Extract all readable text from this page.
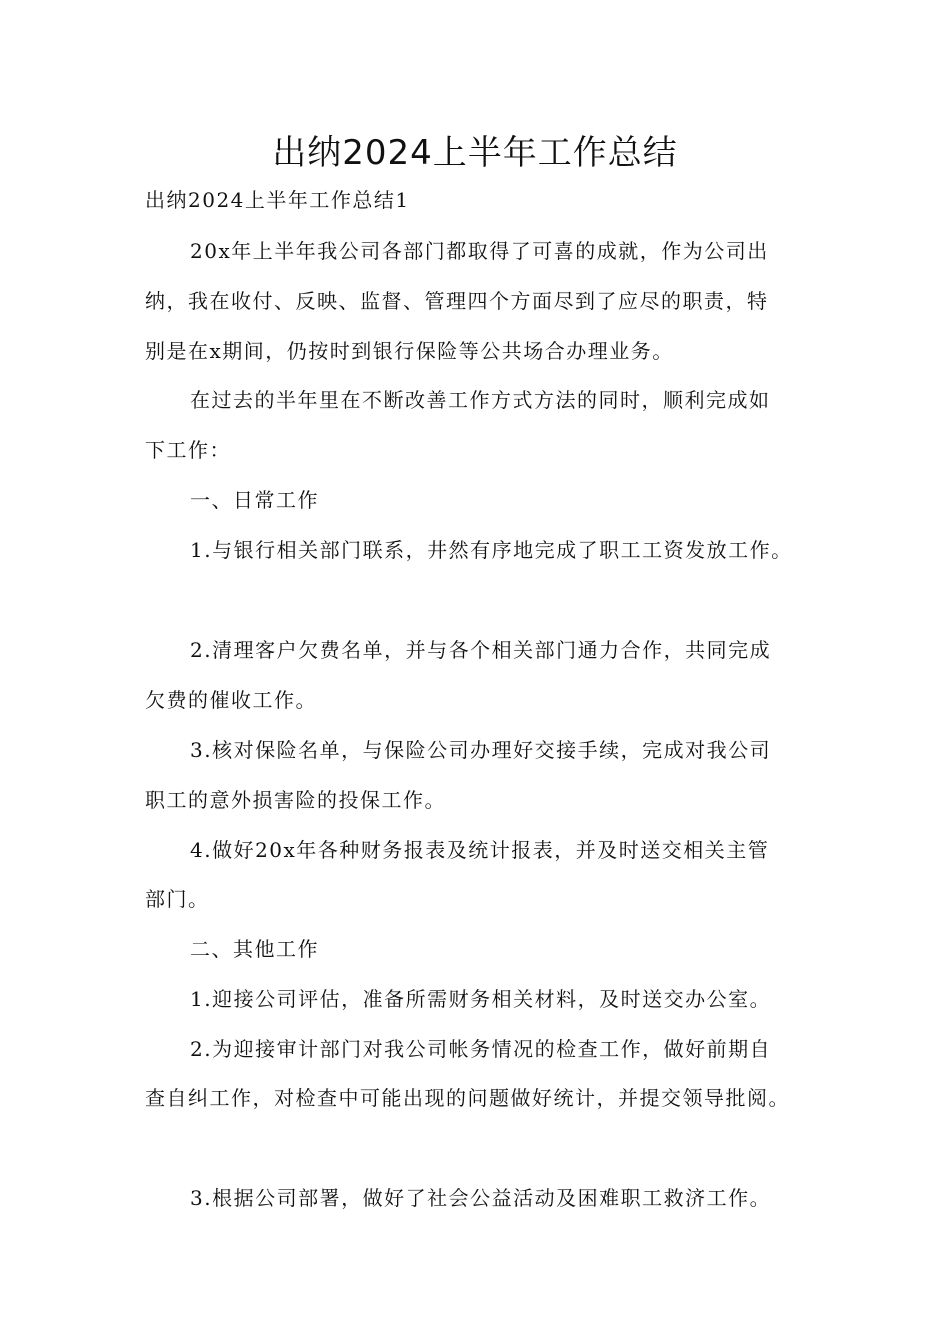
出纳2024上半年工作总结

出纳2024上半年工作总结1

20x年上半年我公司各部门都取得了可喜的成就，作为公司出

纳，我在收付、反映、监督、管理四个方面尽到了应尽的职责，特

别是在x期间，仍按时到银行保险等公共场合办理业务。

在过去的半年里在不断改善工作方式方法的同时，顺利完成如

下工作：

一、日常工作

1.与银行相关部门联系，井然有序地完成了职工工资发放工作。

2.清理客户欠费名单，并与各个相关部门通力合作，共同完成

欠费的催收工作。

3.核对保险名单，与保险公司办理好交接手续，完成对我公司

职工的意外损害险的投保工作。

4.做好20x年各种财务报表及统计报表，并及时送交相关主管

部门。

二、其他工作

1.迎接公司评估，准备所需财务相关材料，及时送交办公室。

2.为迎接审计部门对我公司帐务情况的检查工作，做好前期自

查自纠工作，对检查中可能出现的问题做好统计，并提交领导批阅。

3.根据公司部署，做好了社会公益活动及困难职工救济工作。
